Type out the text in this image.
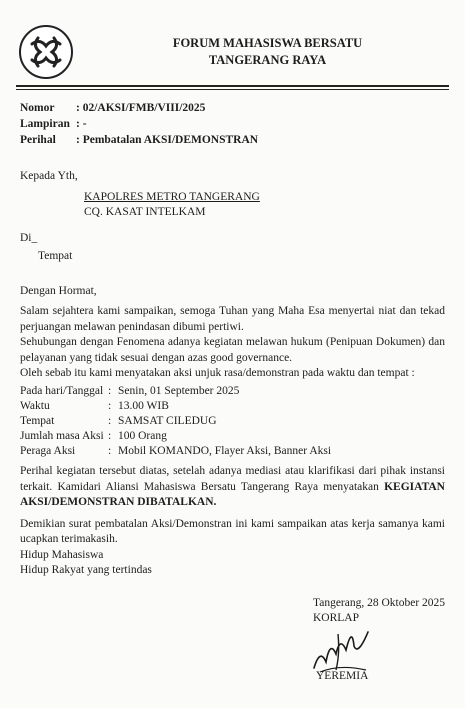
FORUM MAHASISWA BERSATU
TANGERANG RAYA
Nomor : 02/AKSI/FMB/VIII/2025
Lampiran : -
Perihal : Pembatalan AKSI/DEMONSTRAN
Kepada Yth,
KAPOLRES METRO TANGERANG
CQ. KASAT INTELKAM
Di_
Tempat
Dengan Hormat,
Salam sejahtera kami sampaikan, semoga Tuhan yang Maha Esa menyertai niat dan tekad
perjuangan melawan penindasan dibumi pertiwi.
Sehubungan dengan Fenomena adanya kegiatan melawan hukum (Penipuan Dokumen) dan
pelayanan yang tidak sesuai dengan azas good governance.
Oleh sebab itu kami menyatakan aksi unjuk rasa/demonstran pada waktu dan tempat :
Pada hari/Tanggal : Senin, 01 September 2025
Waktu	: 13.00 WIB
Tempat	: SAMSAT CILEDUG
Jumlah masa Aksi : 100 Orang
Peraga Aksi	: Mobil KOMANDO, Flayer Aksi, Banner Aksi
Perihal kegiatan tersebut diatas, setelah adanya mediasi atau klarifikasi dari pihak instansi
terkait. Kamidari Aliansi Mahasiswa Bersatu Tangerang Raya menyatakan KEGIATAN
AKSI/DEMONSTRAN DIBATALKAN.
Demikian surat pembatalan Aksi/Demonstran ini kami sampaikan atas kerja samanya kami
ucapkan terimakasih.
Hidup Mahasiswa
Hidup Rakyat yang tertindas
Tangerang, 28 Oktober 2025
KORLAP
YEREMIA
